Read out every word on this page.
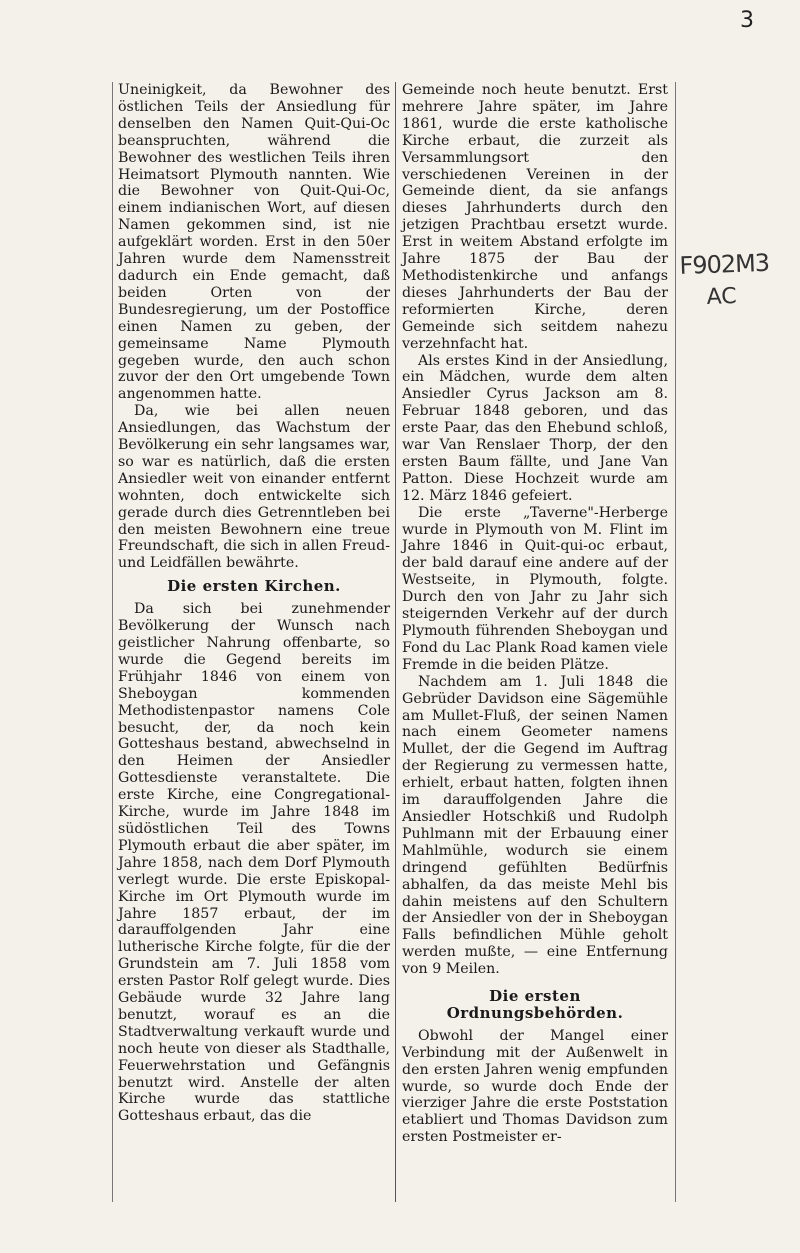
3
F902M3
AC

Uneinigkeit, da Bewohner des östlichen Teils der Ansiedlung für denselben den Namen Quit-Qui-Oc beanspruchten, während die Bewohner des westlichen Teils ihren Heimatsort Plymouth nannten. Wie die Bewohner von Quit-Qui-Oc, einem indianischen Wort, auf diesen Namen gekommen sind, ist nie aufgeklärt worden. Erst in den 50er Jahren wurde dem Namensstreit dadurch ein Ende gemacht, daß beiden Orten von der Bundesregierung, um der Postoffice einen Namen zu geben, der gemeinsame Name Plymouth gegeben wurde, den auch schon zuvor der den Ort umgebende Town angenommen hatte.

Da, wie bei allen neuen Ansiedlungen, das Wachstum der Bevölkerung ein sehr langsames war, so war es natürlich, daß die ersten Ansiedler weit von einander entfernt wohnten, doch entwickelte sich gerade durch dies Getrenntleben bei den meisten Bewohnern eine treue Freundschaft, die sich in allen Freud- und Leidfällen bewährte.

Die ersten Kirchen.

Da sich bei zunehmender Bevölkerung der Wunsch nach geistlicher Nahrung offenbarte, so wurde die Gegend bereits im Frühjahr 1846 von einem von Sheboygan kommenden Methodistenpastor namens Cole besucht, der, da noch kein Gotteshaus bestand, abwechselnd in den Heimen der Ansiedler Gottesdienste veranstaltete. Die erste Kirche, eine Congregational-Kirche, wurde im Jahre 1848 im südöstlichen Teil des Towns Plymouth erbaut die aber später, im Jahre 1858, nach dem Dorf Plymouth verlegt wurde. Die erste Episkopal-Kirche im Ort Plymouth wurde im Jahre 1857 erbaut, der im darauffolgenden Jahr eine lutherische Kirche folgte, für die der Grundstein am 7. Juli 1858 vom ersten Pastor Rolf gelegt wurde. Dies Gebäude wurde 32 Jahre lang benutzt, worauf es an die Stadtverwaltung verkauft wurde und noch heute von dieser als Stadthalle, Feuerwehrstation und Gefängnis benutzt wird. Anstelle der alten Kirche wurde das stattliche Gotteshaus erbaut, das die

Gemeinde noch heute benutzt. Erst mehrere Jahre später, im Jahre 1861, wurde die erste katholische Kirche erbaut, die zurzeit als Versammlungsort den verschiedenen Vereinen in der Gemeinde dient, da sie anfangs dieses Jahrhunderts durch den jetzigen Prachtbau ersetzt wurde. Erst in weitem Abstand erfolgte im Jahre 1875 der Bau der Methodistenkirche und anfangs dieses Jahrhunderts der Bau der reformierten Kirche, deren Gemeinde sich seitdem nahezu verzehnfacht hat.

Als erstes Kind in der Ansiedlung, ein Mädchen, wurde dem alten Ansiedler Cyrus Jackson am 8. Februar 1848 geboren, und das erste Paar, das den Ehebund schloß, war Van Renslaer Thorp, der den ersten Baum fällte, und Jane Van Patton. Diese Hochzeit wurde am 12. März 1846 gefeiert.

Die erste „Taverne"-Herberge wurde in Plymouth von M. Flint im Jahre 1846 in Quit-qui-oc erbaut, der bald darauf eine andere auf der Westseite, in Plymouth, folgte. Durch den von Jahr zu Jahr sich steigernden Verkehr auf der durch Plymouth führenden Sheboygan und Fond du Lac Plank Road kamen viele Fremde in die beiden Plätze.

Nachdem am 1. Juli 1848 die Gebrüder Davidson eine Sägemühle am Mullet-Fluß, der seinen Namen nach einem Geometer namens Mullet, der die Gegend im Auftrag der Regierung zu vermessen hatte, erhielt, erbaut hatten, folgten ihnen im darauffolgenden Jahre die Ansiedler Hotschkiß und Rudolph Puhlmann mit der Erbauung einer Mahlmühle, wodurch sie einem dringend gefühlten Bedürfnis abhalfen, da das meiste Mehl bis dahin meistens auf den Schultern der Ansiedler von der in Sheboygan Falls befindlichen Mühle geholt werden mußte, — eine Entfernung von 9 Meilen.

Die ersten Ordnungsbehörden.

Obwohl der Mangel einer Verbindung mit der Außenwelt in den ersten Jahren wenig empfunden wurde, so wurde doch Ende der vierziger Jahre die erste Poststation etabliert und Thomas Davidson zum ersten Postmeister er-
